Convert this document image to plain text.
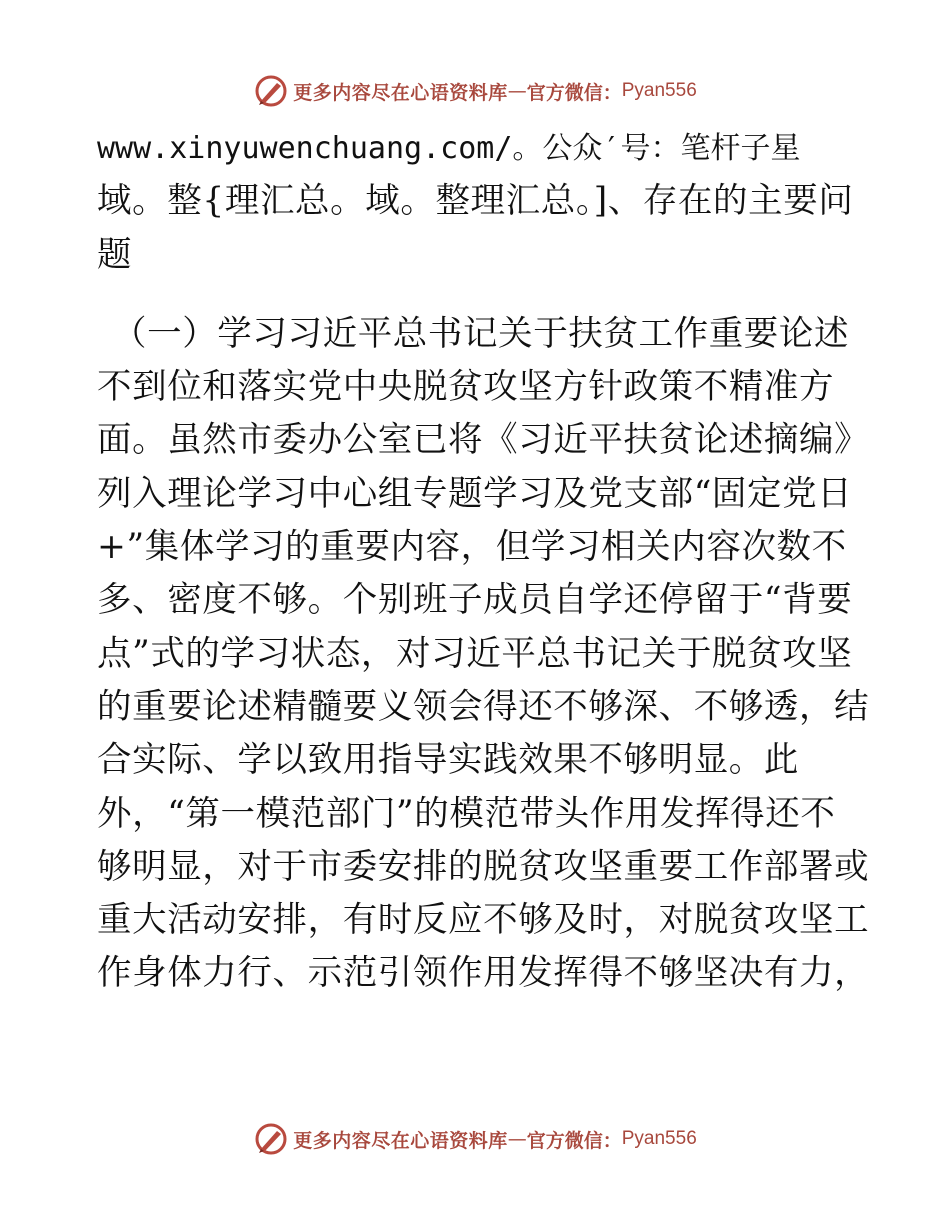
更多内容尽在心语资料库 — 官方微信： Pyan556
www.xinyuwenchuang.com/。公众′号：笔杆子星
域。整{理汇总。域。整理汇总。]、存在的主要问
题
（一）学习习近平总书记关于扶贫工作重要论述
不到位和落实党中央脱贫攻坚方针政策不精准方
面。虽然市委办公室已将《习近平扶贫论述摘编》
列入理论学习中心组专题学习及党支部“固定党日
+”集体学习的重要内容，但学习相关内容次数不
多、密度不够。个别班子成员自学还停留于“背要
点”式的学习状态，对习近平总书记关于脱贫攻坚
的重要论述精髓要义领会得还不够深、不够透，结
合实际、学以致用指导实践效果不够明显。此
外，“第一模范部门”的模范带头作用发挥得还不
够明显，对于市委安排的脱贫攻坚重要工作部署或
重大活动安排，有时反应不够及时，对脱贫攻坚工
作身体力行、示范引领作用发挥得不够坚决有力，
更多内容尽在心语资料库 — 官方微信： Pyan556
